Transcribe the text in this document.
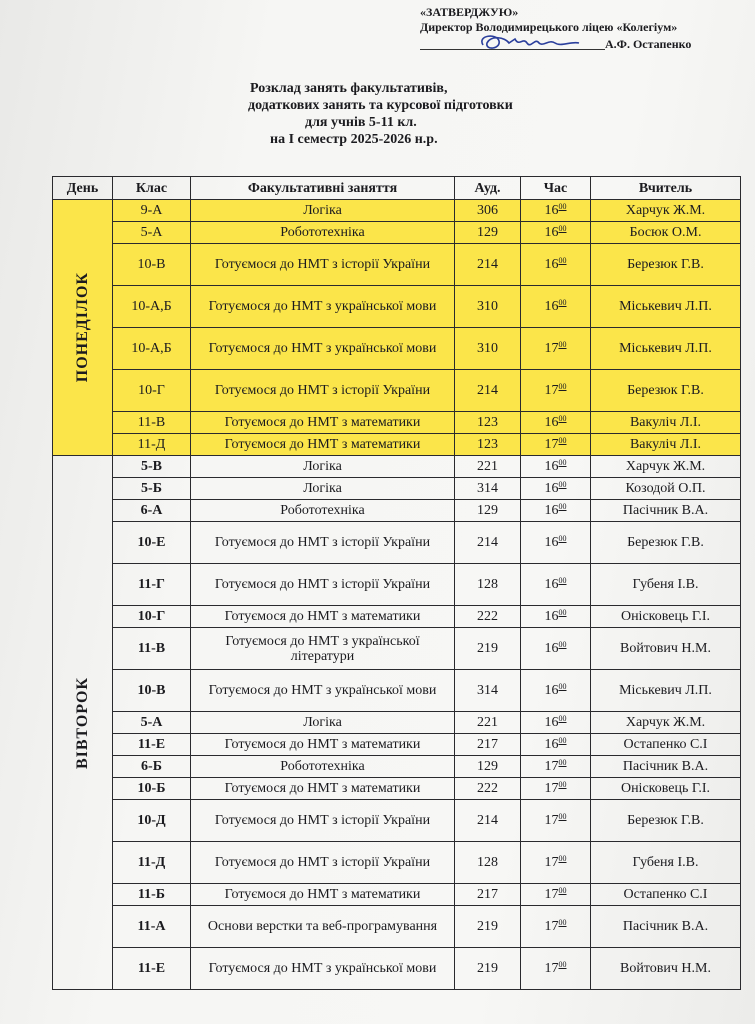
«ЗАТВЕРДЖУЮ»
Директор Володимирецького ліцею «Колегіум»
А.Ф. Остапенко
Розклад занять факультативів,
додаткових занять та курсової підготовки
для учнів 5-11 кл.
на І семестр 2025-2026 н.р.
День	Клас	Факультативні заняття	Ауд.	Час	Вчитель

ПОНЕДІЛОК	9-А	Логіка	306	$16^{00}$	Харчук Ж.М.
	5-А	Робототехніка	129	$16^{00}$	Босюк О.М.
	10-В	Готуємося до НМТ з історії України	214	$16^{00}$	Березюк Г.В.
	10-А,Б	Готуємося до НМТ з української мови	310	$16^{00}$	Міськевич Л.П.
	10-А,Б	Готуємося до НМТ з української мови	310	$17^{00}$	Міськевич Л.П.
	10-Г	Готуємося до НМТ з історії України	214	$17^{00}$	Березюк Г.В.
	11-В	Готуємося до НМТ з математики	123	$16^{00}$	Вакуліч Л.І.
	11-Д	Готуємося до НМТ з математики	123	$17^{00}$	Вакуліч Л.І.

ВІВТОРОК	5-В	Логіка	221	$16^{00}$	Харчук Ж.М.
	5-Б	Логіка	314	$16^{00}$	Козодой О.П.
	6-А	Робототехніка	129	$16^{00}$	Пасічник В.А.
	10-Е	Готуємося до НМТ з історії України	214	$16^{00}$	Березюк Г.В.
	11-Г	Готуємося до НМТ з історії України	128	$16^{00}$	Губеня І.В.
	10-Г	Готуємося до НМТ з математики	222	$16^{00}$	Онісковець Г.І.
	11-В	Готуємося до НМТ з української літератури	219	$16^{00}$	Войтович Н.М.
	10-В	Готуємося до НМТ з української мови	314	$16^{00}$	Міськевич Л.П.
	5-А	Логіка	221	$16^{00}$	Харчук Ж.М.
	11-Е	Готуємося до НМТ з математики	217	$16^{00}$	Остапенко С.І
	6-Б	Робототехніка	129	$17^{00}$	Пасічник В.А.
	10-Б	Готуємося до НМТ з математики	222	$17^{00}$	Онісковець Г.І.
	10-Д	Готуємося до НМТ з історії України	214	$17^{00}$	Березюк Г.В.
	11-Д	Готуємося до НМТ з історії України	128	$17^{00}$	Губеня І.В.
	11-Б	Готуємося до НМТ з математики	217	$17^{00}$	Остапенко С.І
	11-А	Основи верстки та веб-програмування	219	$17^{00}$	Пасічник В.А.
	11-Е	Готуємося до НМТ з української мови	219	$17^{00}$	Войтович Н.М.
